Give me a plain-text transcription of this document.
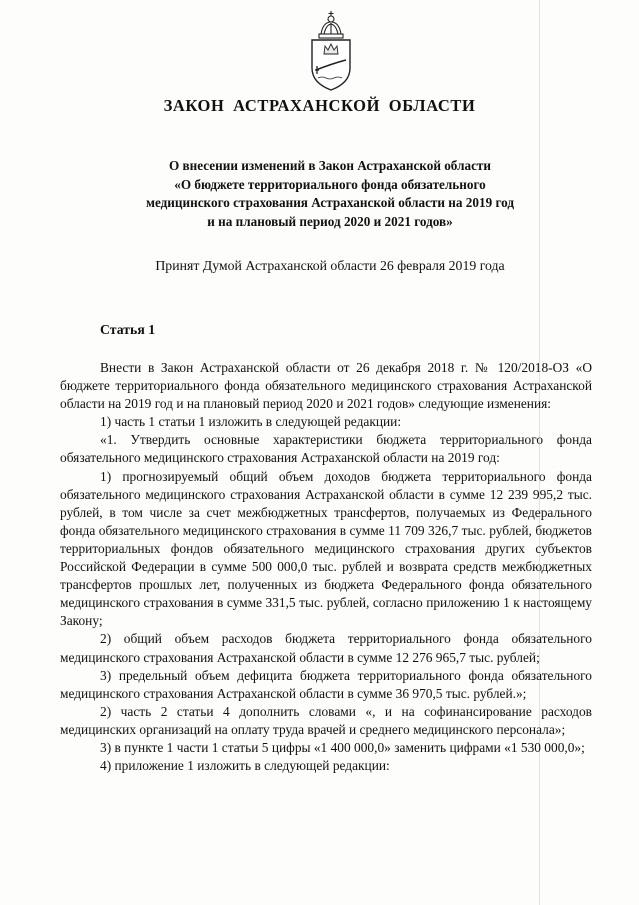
ЗАКОН АСТРАХАНСКОЙ ОБЛАСТИ
О внесении изменений в Закон Астраханской области
«О бюджете территориального фонда обязательного
медицинского страхования Астраханской области на 2019 год
и на плановый период 2020 и 2021 годов»
Принят Думой Астраханской области 26 февраля 2019 года
Статья 1

Внести в Закон Астраханской области от 26 декабря 2018 г. № 120/2018-ОЗ «О бюджете территориального фонда обязательного медицинского страхования Астраханской области на 2019 год и на плановый период 2020 и 2021 годов» следующие изменения:

1) часть 1 статьи 1 изложить в следующей редакции:

«1. Утвердить основные характеристики бюджета территориального фонда обязательного медицинского страхования Астраханской области на 2019 год:

1) прогнозируемый общий объем доходов бюджета территориального фонда обязательного медицинского страхования Астраханской области в сумме 12 239 995,2 тыс. рублей, в том числе за счет межбюджетных трансфертов, получаемых из Федерального фонда обязательного медицинского страхования в сумме 11 709 326,7 тыс. рублей, бюджетов территориальных фондов обязательного медицинского страхования других субъектов Российской Федерации в сумме 500 000,0 тыс. рублей и возврата средств межбюджетных трансфертов прошлых лет, полученных из бюджета Федерального фонда обязательного медицинского страхования в сумме 331,5 тыс. рублей, согласно приложению 1 к настоящему Закону;

2) общий объем расходов бюджета территориального фонда обязательного медицинского страхования Астраханской области в сумме 12 276 965,7 тыс. рублей;

3) предельный объем дефицита бюджета территориального фонда обязательного медицинского страхования Астраханской области в сумме 36 970,5 тыс. рублей.»;

2) часть 2 статьи 4 дополнить словами «, и на софинансирование расходов медицинских организаций на оплату труда врачей и среднего медицинского персонала»;

3) в пункте 1 части 1 статьи 5 цифры «1 400 000,0» заменить цифрами «1 530 000,0»;

4) приложение 1 изложить в следующей редакции:
